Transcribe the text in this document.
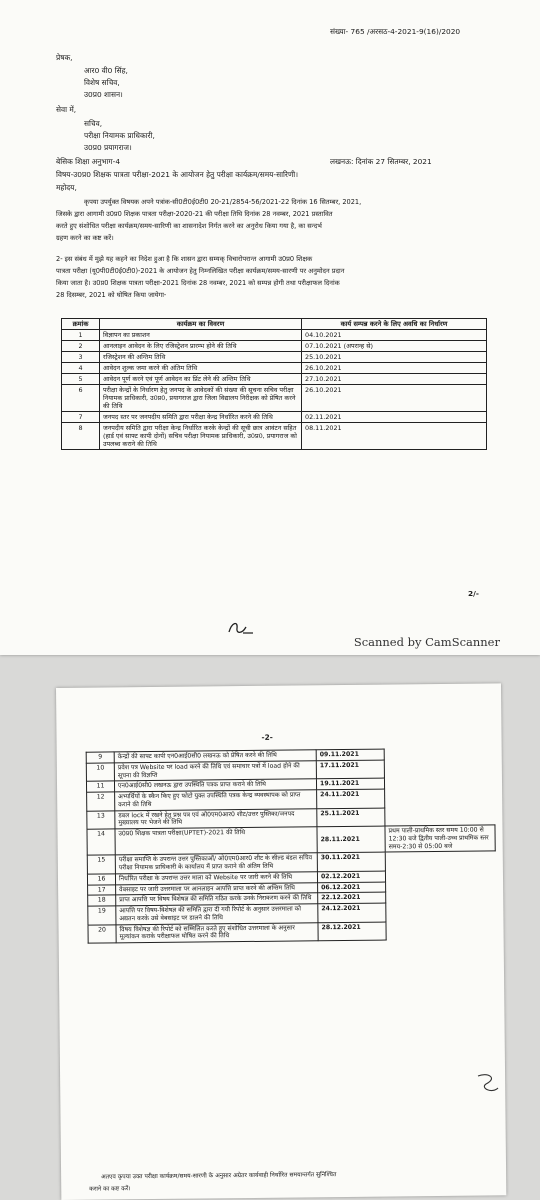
संख्या- 765 /अरसठ-4-2021-9(16)/2020
प्रेषक,
आर0 वी0 सिंह,
विशेष सचिव,
उ0प्र0 शासन।
सेवा में,
सचिव,
परीक्षा नियामक प्राधिकारी,
उ0प्र0 प्रयागराज।
बेसिक शिक्षा अनुभाग-4	लखनऊ: दिनांक 27 सितम्बर, 2021
विषय-उ0प्र0 शिक्षक पात्रता परीक्षा-2021 के आयोजन हेतु परीक्षा कार्यक्रम/समय-सारिणी।
महोदय,
कृपया उपर्युक्त विषयक अपने पत्रांक-सी0टी0ई0टी0 20-21/2854-56/2021-22 दिनांक 16 सितम्बर, 2021,
जिसके द्वारा आगामी उ0प्र0 शिक्षक पात्रता परीक्षा-2020-21 की परीक्षा तिथि दिनांक 28 नवम्बर, 2021 प्रस्तावित
करते हुए संशोधित परीक्षा कार्यक्रम/समय-सारिणी का शासनादेश निर्गत करने का अनुरोध किया गया है, का सन्दर्भ
ग्रहण करने का कष्ट करें।
2- इस संबंध में मुझे यह कहने का निदेश हुआ है कि शासन द्वारा सम्यक् विचारोपरान्त आगामी उ0प्र0 शिक्षक
पात्रता परीक्षा (यू0पी0टी0ई0टी0)-2021 के आयोजन हेतु निम्नलिखित परीक्षा कार्यक्रम/समय-सारणी पर अनुमोदन प्रदान
किया जाता है। उ0प्र0 शिक्षक पात्रता परीक्षा-2021 दिनांक 28 नवम्बर, 2021 को सम्पन्न होगी तथा परीक्षाफल दिनांक
28 दिसम्बर, 2021 को घोषित किया जायेगा-
क्रमांक	कार्यक्रम का विवरण	कार्य सम्पन्न करने के लिए अवधि का निर्धारण
1	विज्ञापन का प्रकाशन	04.10.2021
2	आनलाइन आवेदन के लिए रजिस्ट्रेशन प्रारम्भ होने की तिथि	07.10.2021 (अपरान्ह से)
3	रजिस्ट्रेशन की अन्तिम तिथि	25.10.2021
4	आवेदन शुल्क जमा करने की अंतिम तिथि	26.10.2021
5	आवेदन पूर्ण करने एवं पूर्ण आवेदन का प्रिंट लेने की अन्तिम तिथि	27.10.2021
6	परीक्षा केन्द्रों के निर्धारण हेतु जनपद के आवेदकों की संख्या की सूचना सचिव परीक्षा नियामक प्राधिकारी, उ0प्र0, प्रयागराज द्वारा जिला विद्यालय निरीक्षक को प्रेषित करने की तिथि	26.10.2021
7	जनपद स्तर पर जनपदीय समिति द्वारा परीक्षा केन्द्र निर्धारित करने की तिथि	02.11.2021
8	जनपदीय समिति द्वारा परीक्षा केन्द्र निर्धारित करके केन्द्रों की सूची छात्र आवंटन सहित (हार्ड एवं साफ्ट कापी दोनों) सचिव परीक्षा नियामक प्राधिकारी, उ0प्र0, प्रयागराज को उपलब्ध कराने की तिथि	08.11.2021
2/-
Scanned by CamScanner
-2-
9	केन्द्रों की साफ्ट कापी एन0आई0सी0 लखनऊ को प्रेषित करने की तिथि	09.11.2021	
10	प्रवेश पत्र Website पर load करने की तिथि एवं समाचार पत्रों में load होने की सूचना की विज्ञप्ति	17.11.2021	
11	एन0आई0सी0 लखनऊ द्वारा उपस्थिति पत्रक प्राप्त कराने की तिथि	19.11.2021	
12	अभ्यर्थियों के स्कैन किए हुए फोटो युक्त उपस्थिति पत्रक केन्द्र व्यवस्थापक को प्राप्त कराने की तिथि	24.11.2021	
13	डबल lock में रखने हेतु प्रश्न पत्र एवं ओ0एम0आर0 शीट/उत्तर पुस्तिका/जनपद मुख्यालय पर भेजने की तिथि	25.11.2021	
14	उ0प्र0 शिक्षक पात्रता परीक्षा(UPTET)-2021 की तिथि	28.11.2021	प्रथम पाली-प्राथमिक स्तर समय 10:00 से 12:30 बजे द्वितीय पाली-उच्च प्राथमिक स्तर समय-2:30 से 05:00 बजे
15	परीक्षा समाप्ति के उपरान्त उत्तर पुस्तिकाओं/ ओ0एम0आर0 शीट के सील्ड बंडल सचिव परीक्षा नियामक प्राधिकारी के कार्यालय में प्राप्त कराने की अंतिम तिथि	30.11.2021	
16	निर्धारित परीक्षा के उपरान्त उत्तर माला को Website पर जारी करने की तिथि	02.12.2021	
17	वेबसाइट पर जारी उत्तरमाला पर आनलाइन आपत्ति प्राप्त करने की अन्तिम तिथि	06.12.2021	
18	प्राप्त आपत्ति पर विषय विशेषज्ञ की समिति गठित करके उनके निराकरण करने की तिथि	22.12.2021	
19	आपत्ति पर विषय-विशेषज्ञ की समिति द्वारा दी गयी रिपोर्ट के अनुसार उत्तरमाला को अद्यतन करके उसे वेबसाइट पर डालने की तिथि	24.12.2021	
20	विषय विशेषज्ञ की रिपोर्ट को सम्मिलित करते हुए संशोधित उत्तरमाला के अनुसार मूल्यांकन कराके परीक्षाफल घोषित करने की तिथि	28.12.2021	
अतएव कृपया उक्त परीक्षा कार्यक्रम/समय-सारणी के अनुसार अग्रेतर कार्यवाही निर्धारित समयान्तर्गत सुनिश्चित
कराने का कष्ट करें।
